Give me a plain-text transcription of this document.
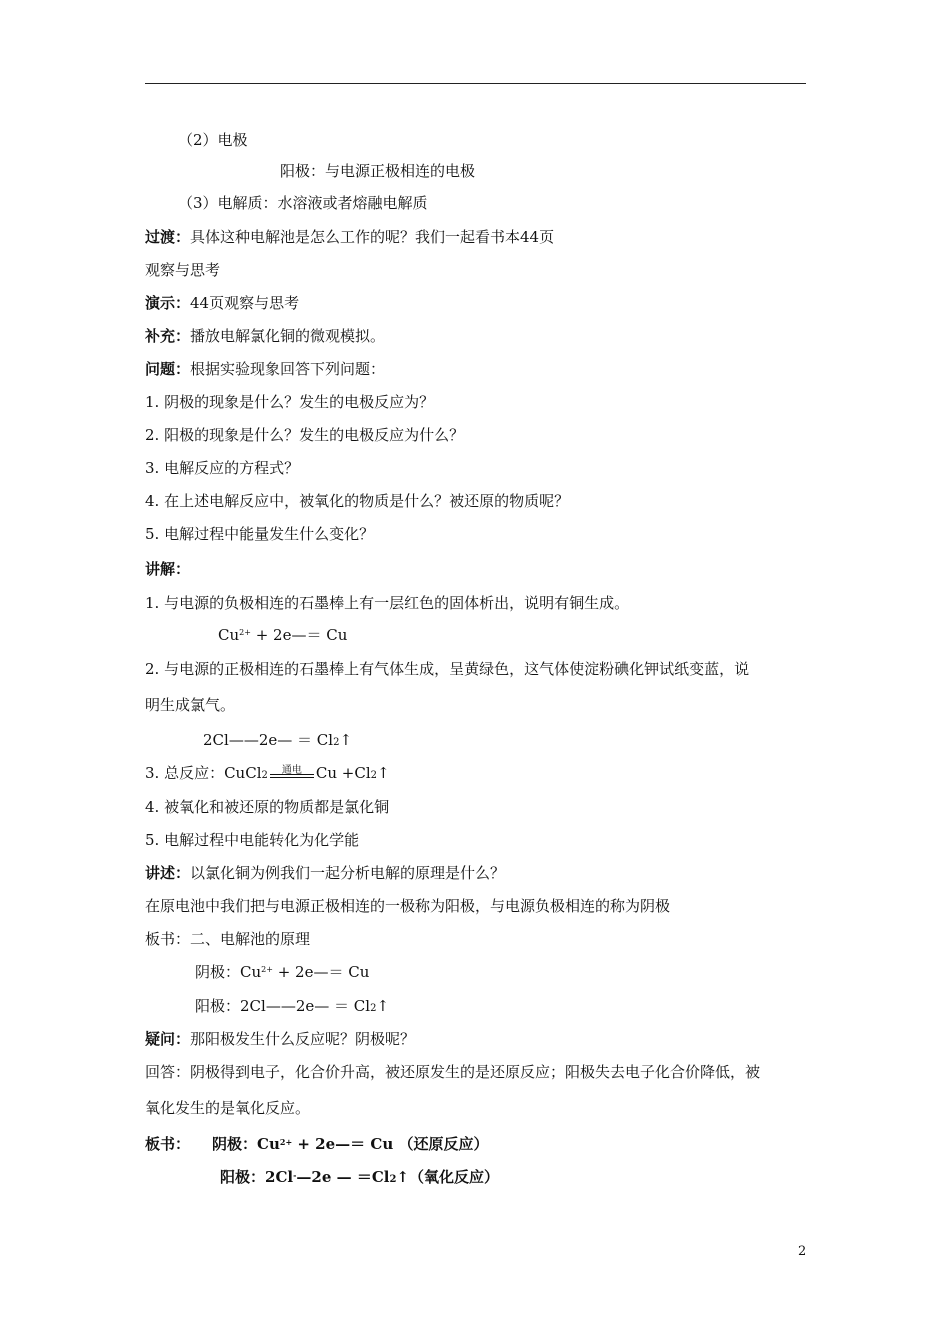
（2）电极
阳极：与电源正极相连的电极
（3）电解质：水溶液或者熔融电解质
过渡：具体这种电解池是怎么工作的呢？我们一起看书本44页
观察与思考
演示：44页观察与思考
补充：播放电解氯化铜的微观模拟。
问题：根据实验现象回答下列问题：
1. 阴极的现象是什么？发生的电极反应为？
2. 阳极的现象是什么？发生的电极反应为什么？
3. 电解反应的方程式？
4. 在上述电解反应中，被氧化的物质是什么？被还原的物质呢？
5. 电解过程中能量发生什么变化？
讲解：
1. 与电源的负极相连的石墨棒上有一层红色的固体析出，说明有铜生成。
$Cu^{2+}$ + 2e—＝ Cu
2. 与电源的正极相连的石墨棒上有气体生成，呈黄绿色，这气体使淀粉碘化钾试纸变蓝，说
明生成氯气。
2Cl——2e— ＝ Cl2↑
3. 总反应：CuCl2	通电 Cu +Cl2↑
4. 被氧化和被还原的物质都是氯化铜
5. 电解过程中电能转化为化学能
讲述：以氯化铜为例我们一起分析电解的原理是什么？
在原电池中我们把与电源正极相连的一极称为阳极，与电源负极相连的称为阴极
板书：二、电解池的原理
阴极：$Cu^{2+}$ + 2e—＝ Cu
阳极：2Cl——2e— ＝ Cl2↑
疑问：那阳极发生什么反应呢？阴极呢？
回答：阴极得到电子，化合价升高，被还原发生的是还原反应；阳极失去电子化合价降低，被
氧化发生的是氧化反应。
板书： 阴极：$Cu^{2+}$ + 2e—＝ Cu （还原反应）
阳极：2Cl-—2e — ＝Cl2↑（氧化反应）
2
